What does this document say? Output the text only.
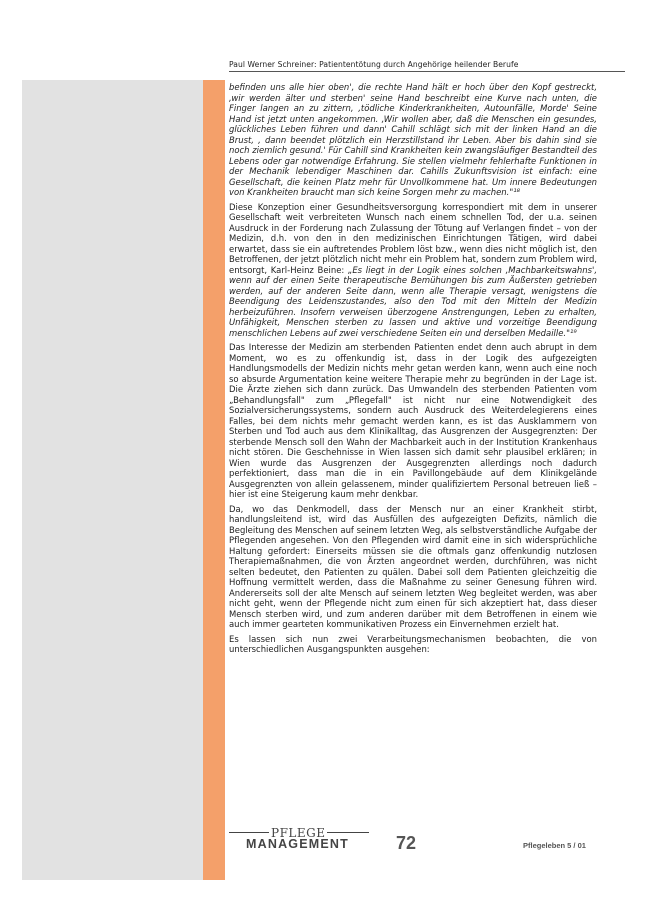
Paul Werner Schreiner: Patiententötung durch Angehörige heilender Berufe

befinden uns alle hier oben', die rechte Hand hält er hoch über den Kopf gestreckt, ‚wir werden älter und sterben' seine Hand beschreibt eine Kurve nach unten, die Finger langen an zu zittern, ‚tödliche Kinderkrankheiten, Autounfälle, Morde' Seine Hand ist jetzt unten angekommen. ‚Wir wollen aber, daß die Menschen ein gesundes, glückliches Leben führen und dann' Cahill schlägt sich mit der linken Hand an die Brust, ‚ dann beendet plötzlich ein Herzstillstand ihr Leben. Aber bis dahin sind sie noch ziemlich gesund.' Für Cahill sind Krankheiten kein zwangsläufiger Bestandteil des Lebens oder gar notwendige Erfahrung. Sie stellen vielmehr fehlerhafte Funktionen in der Mechanik lebendiger Maschinen dar. Cahills Zukunftsvision ist einfach: eine Gesellschaft, die keinen Platz mehr für Unvollkommene hat. Um innere Bedeutungen von Krankheiten braucht man sich keine Sorgen mehr zu machen."¹⁸

Diese Konzeption einer Gesundheitsversorgung korrespondiert mit dem in unserer Gesellschaft weit verbreiteten Wunsch nach einem schnellen Tod, der u.a. seinen Ausdruck in der Forderung nach Zulassung der Tötung auf Verlangen findet – von der Medizin, d.h. von den in den medizinischen Einrichtungen Tätigen, wird dabei erwartet, dass sie ein auftretendes Problem löst bzw., wenn dies nicht möglich ist, den Betroffenen, der jetzt plötzlich nicht mehr ein Problem hat, sondern zum Problem wird, entsorgt, Karl-Heinz Beine: „Es liegt in der Logik eines solchen ‚Machbarkeitswahns', wenn auf der einen Seite therapeutische Bemühungen bis zum Äußersten getrieben werden, auf der anderen Seite dann, wenn alle Therapie versagt, wenigstens die Beendigung des Leidenszustandes, also den Tod mit den Mitteln der Medizin herbeizuführen. Insofern verweisen überzogene Anstrengungen, Leben zu erhalten, Unfähigkeit, Menschen sterben zu lassen und aktive und vorzeitige Beendigung menschlichen Lebens auf zwei verschiedene Seiten ein und derselben Medaille."¹⁹

Das Interesse der Medizin am sterbenden Patienten endet denn auch abrupt in dem Moment, wo es zu offenkundig ist, dass in der Logik des aufgezeigten Handlungsmodells der Medizin nichts mehr getan werden kann, wenn auch eine noch so absurde Argumentation keine weitere Therapie mehr zu begründen in der Lage ist. Die Ärzte ziehen sich dann zurück. Das Umwandeln des sterbenden Patienten vom „Behandlungsfall" zum „Pflegefall" ist nicht nur eine Notwendigkeit des Sozialversicherungssystems, sondern auch Ausdruck des Weiterdelegierens eines Falles, bei dem nichts mehr gemacht werden kann, es ist das Ausklammern von Sterben und Tod auch aus dem Klinikalltag, das Ausgrenzen der Ausgegrenzten: Der sterbende Mensch soll den Wahn der Machbarkeit auch in der Institution Krankenhaus nicht stören. Die Geschehnisse in Wien lassen sich damit sehr plausibel erklären; in Wien wurde das Ausgrenzen der Ausgegrenzten allerdings noch dadurch perfektioniert, dass man die in ein Pavillongebäude auf dem Klinikgelände Ausgegrenzten von allein gelassenem, minder qualifiziertem Personal betreuen ließ – hier ist eine Steigerung kaum mehr denkbar.

Da, wo das Denkmodell, dass der Mensch nur an einer Krankheit stirbt, handlungsleitend ist, wird das Ausfüllen des aufgezeigten Defizits, nämlich die Begleitung des Menschen auf seinem letzten Weg, als selbstverständliche Aufgabe der Pflegenden angesehen. Von den Pflegenden wird damit eine in sich widersprüchliche Haltung gefordert: Einerseits müssen sie die oftmals ganz offenkundig nutzlosen Therapiemaßnahmen, die von Ärzten angeordnet werden, durchführen, was nicht selten bedeutet, den Patienten zu quälen. Dabei soll dem Patienten gleichzeitig die Hoffnung vermittelt werden, dass die Maßnahme zu seiner Genesung führen wird. Andererseits soll der alte Mensch auf seinem letzten Weg begleitet werden, was aber nicht geht, wenn der Pflegende nicht zum einen für sich akzeptiert hat, dass dieser Mensch sterben wird, und zum anderen darüber mit dem Betroffenen in einem wie auch immer gearteten kommunikativen Prozess ein Einvernehmen erzielt hat.

Es lassen sich nun zwei Verarbeitungsmechanismen beobachten, die von unterschiedlichen Ausgangspunkten ausgehen:

PFLEGE
MANAGEMENT	72	Pflegeleben 5 / 01
